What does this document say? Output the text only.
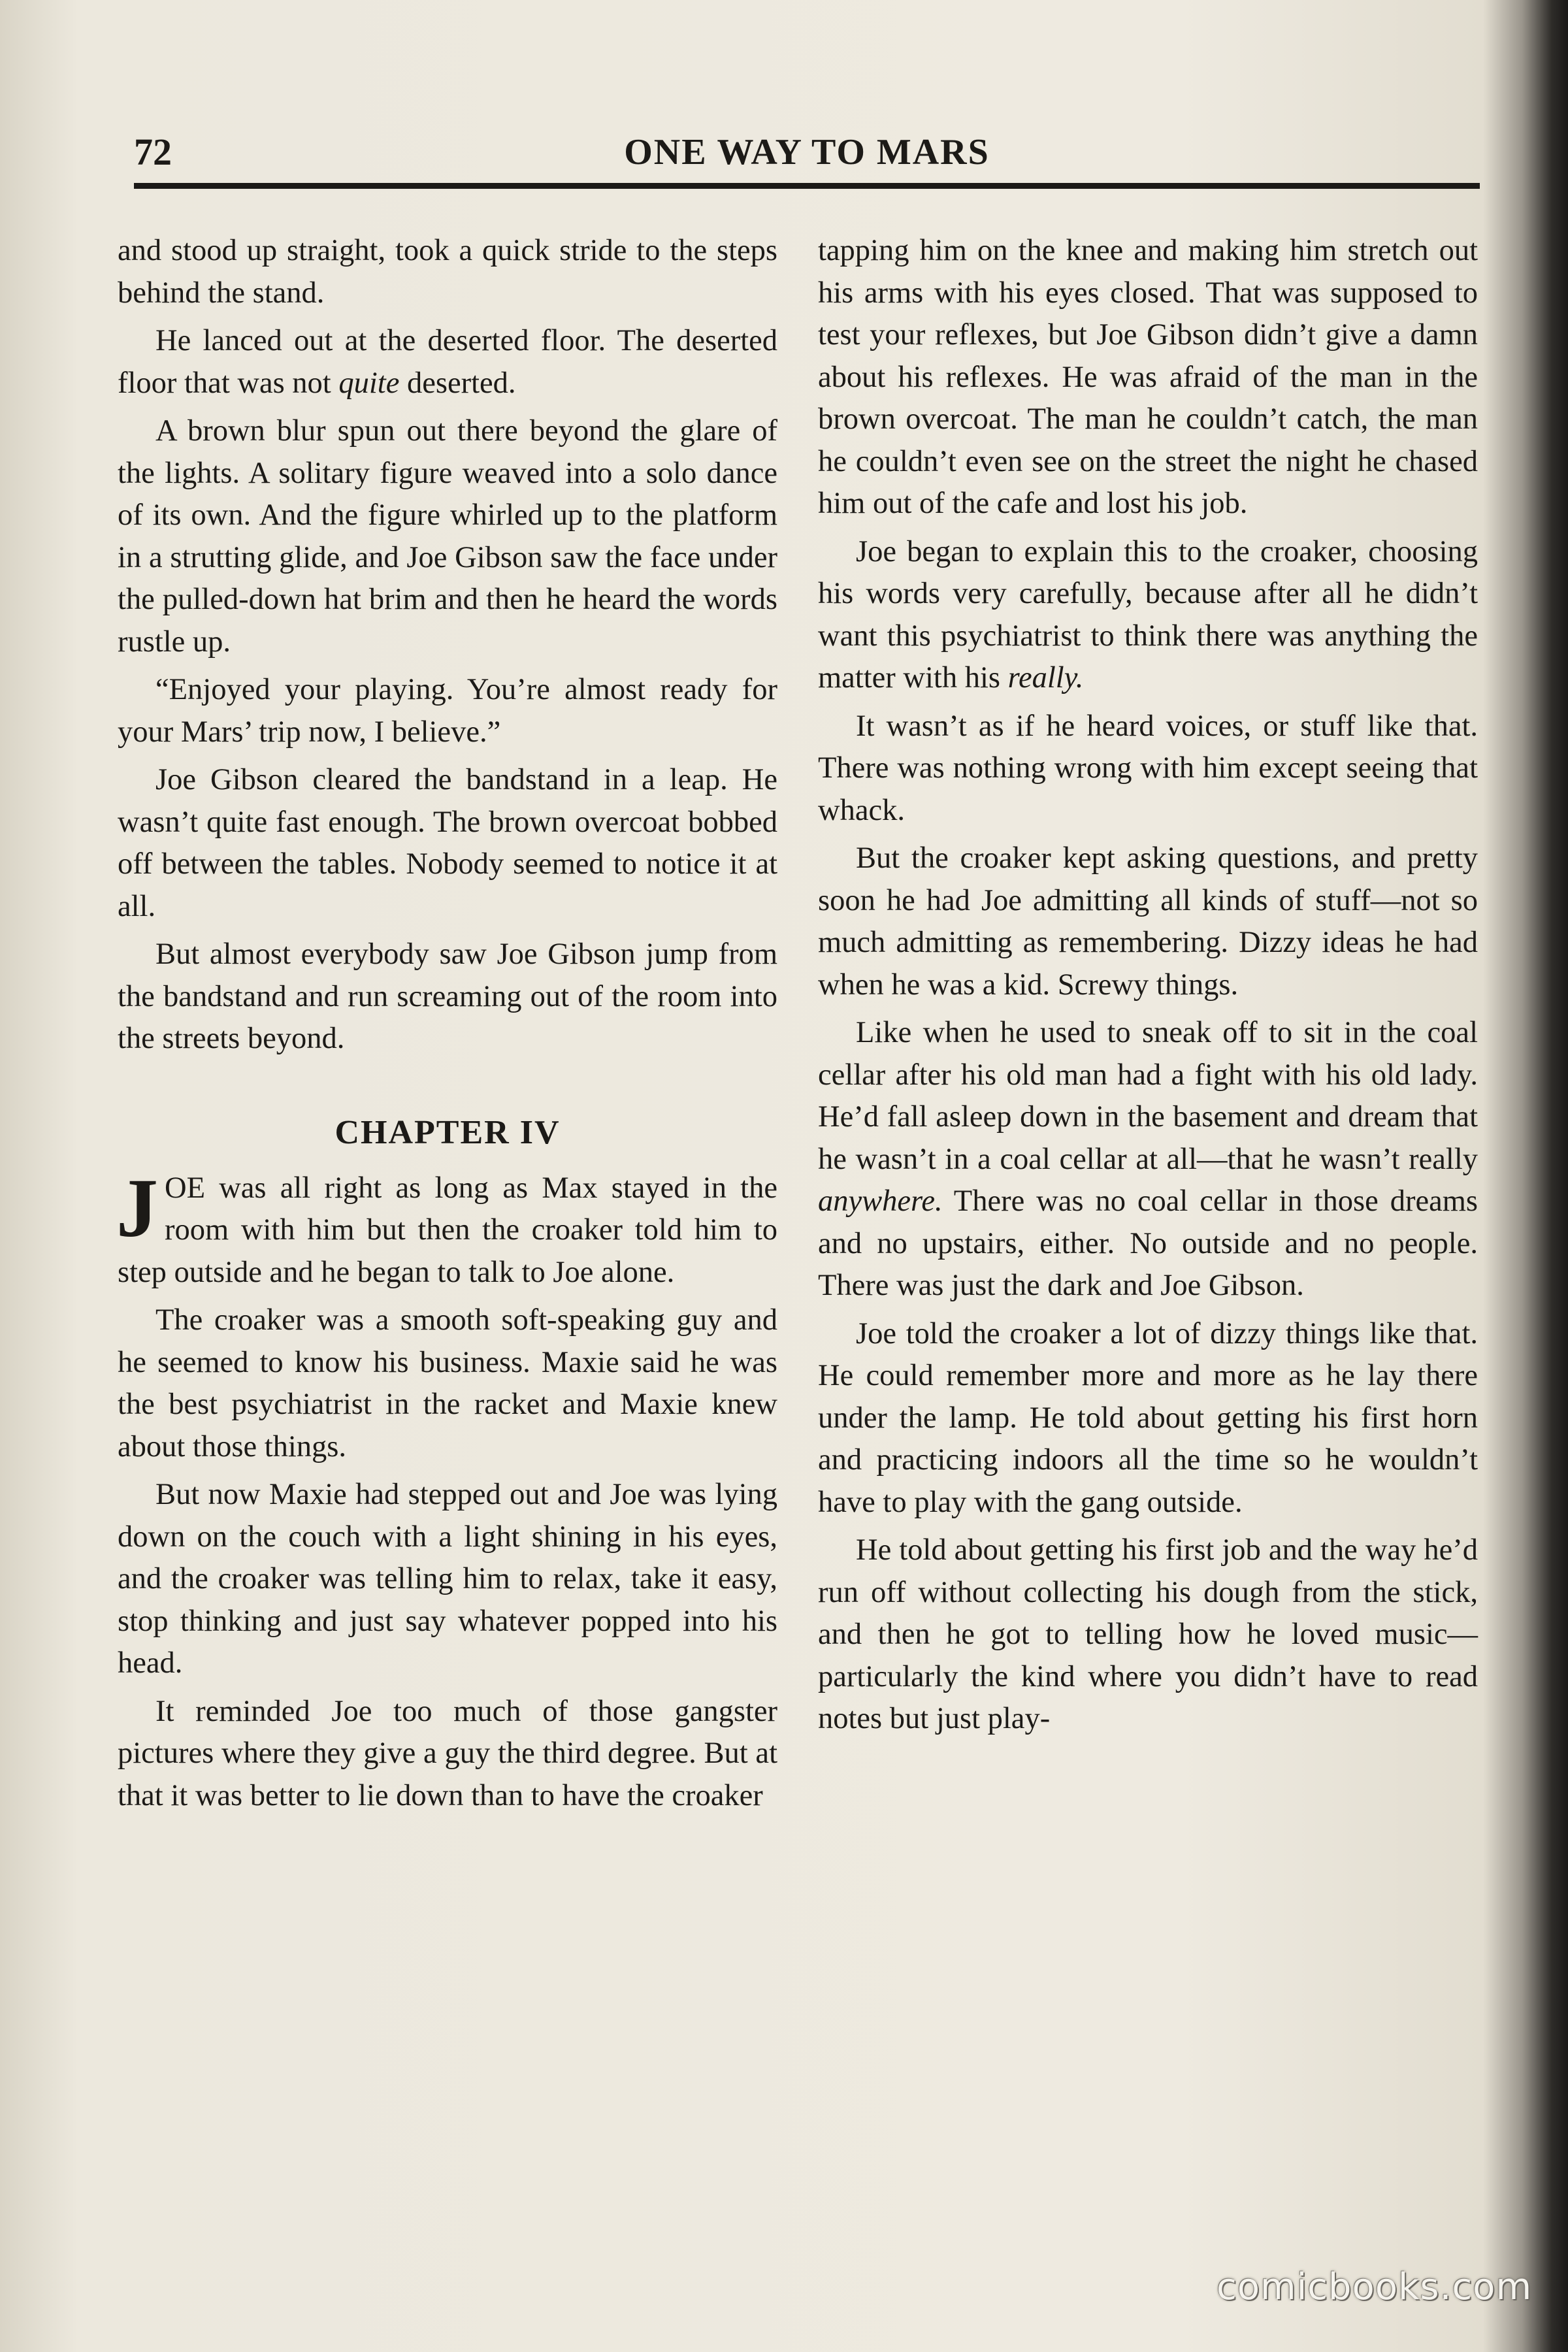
72	ONE WAY TO MARS

and stood up straight, took a quick stride to the steps behind the stand.

He lanced out at the deserted floor. The deserted floor that was not quite deserted.

A brown blur spun out there beyond the glare of the lights. A solitary figure weaved into a solo dance of its own. And the figure whirled up to the platform in a strutting glide, and Joe Gibson saw the face under the pulled-down hat brim and then he heard the words rustle up.

“Enjoyed your playing. You’re almost ready for your Mars’ trip now, I believe.”

Joe Gibson cleared the bandstand in a leap. He wasn’t quite fast enough. The brown overcoat bobbed off between the tables. Nobody seemed to notice it at all.

But almost everybody saw Joe Gibson jump from the bandstand and run screaming out of the room into the streets beyond.

CHAPTER IV

JOE was all right as long as Max stayed in the room with him but then the croaker told him to step outside and he began to talk to Joe alone.

The croaker was a smooth soft-speaking guy and he seemed to know his business. Maxie said he was the best psychiatrist in the racket and Maxie knew about those things.

But now Maxie had stepped out and Joe was lying down on the couch with a light shining in his eyes, and the croaker was telling him to relax, take it easy, stop thinking and just say whatever popped into his head.

It reminded Joe too much of those gangster pictures where they give a guy the third degree. But at that it was better to lie down than to have the croaker

tapping him on the knee and making him stretch out his arms with his eyes closed. That was supposed to test your reflexes, but Joe Gibson didn’t give a damn about his reflexes. He was afraid of the man in the brown overcoat. The man he couldn’t catch, the man he couldn’t even see on the street the night he chased him out of the cafe and lost his job.

Joe began to explain this to the croaker, choosing his words very carefully, because after all he didn’t want this psychiatrist to think there was anything the matter with his really.

It wasn’t as if he heard voices, or stuff like that. There was nothing wrong with him except seeing that whack.

But the croaker kept asking questions, and pretty soon he had Joe admitting all kinds of stuff—not so much admitting as remembering. Dizzy ideas he had when he was a kid. Screwy things.

Like when he used to sneak off to sit in the coal cellar after his old man had a fight with his old lady. He’d fall asleep down in the basement and dream that he wasn’t in a coal cellar at all—that he wasn’t really anywhere. There was no coal cellar in those dreams and no upstairs, either. No outside and no people. There was just the dark and Joe Gibson.

Joe told the croaker a lot of dizzy things like that. He could remember more and more as he lay there under the lamp. He told about getting his first horn and practicing indoors all the time so he wouldn’t have to play with the gang outside.

He told about getting his first job and the way he’d run off without collecting his dough from the stick, and then he got to telling how he loved music—particularly the kind where you didn’t have to read notes but just play-

comicbooks.com
